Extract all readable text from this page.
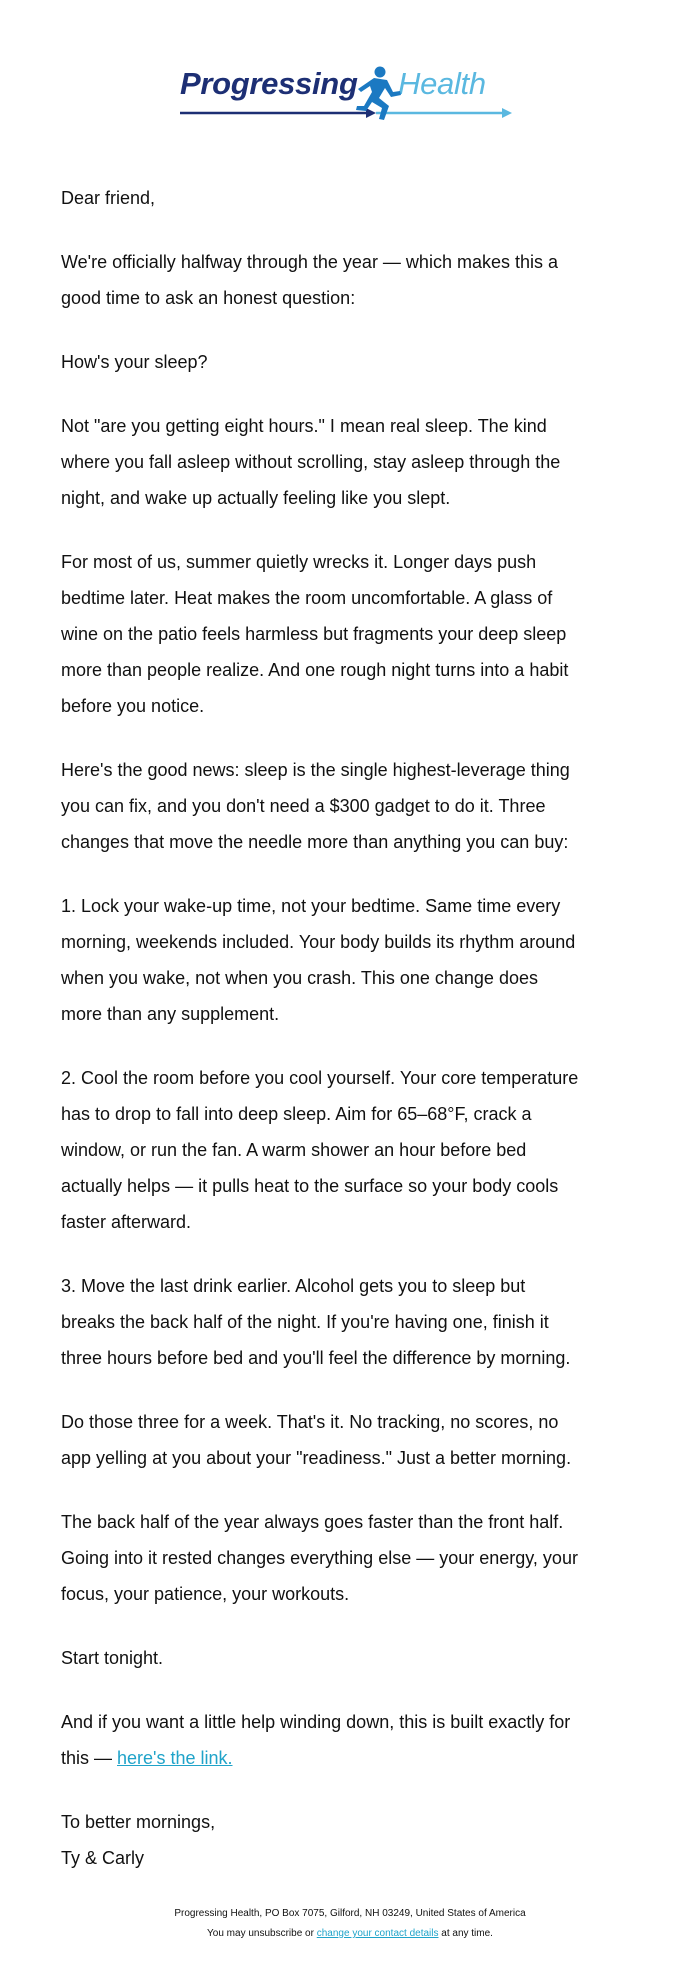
Progressing Health

Dear friend,

We're officially halfway through the year — which makes this a good time to ask an honest question:

How's your sleep?

Not "are you getting eight hours." I mean real sleep. The kind where you fall asleep without scrolling, stay asleep through the night, and wake up actually feeling like you slept.

For most of us, summer quietly wrecks it. Longer days push bedtime later. Heat makes the room uncomfortable. A glass of wine on the patio feels harmless but fragments your deep sleep more than people realize. And one rough night turns into a habit before you notice.

Here's the good news: sleep is the single highest-leverage thing you can fix, and you don't need a $300 gadget to do it. Three changes that move the needle more than anything you can buy:

1. Lock your wake-up time, not your bedtime. Same time every morning, weekends included. Your body builds its rhythm around when you wake, not when you crash. This one change does more than any supplement.

2. Cool the room before you cool yourself. Your core temperature has to drop to fall into deep sleep. Aim for 65–68°F, crack a window, or run the fan. A warm shower an hour before bed actually helps — it pulls heat to the surface so your body cools faster afterward.

3. Move the last drink earlier. Alcohol gets you to sleep but breaks the back half of the night. If you're having one, finish it three hours before bed and you'll feel the difference by morning.

Do those three for a week. That's it. No tracking, no scores, no app yelling at you about your "readiness." Just a better morning.

The back half of the year always goes faster than the front half. Going into it rested changes everything else — your energy, your focus, your patience, your workouts.

Start tonight.

And if you want a little help winding down, this is built exactly for this — here's the link.

To better mornings,
Ty & Carly

Progressing Health, PO Box 7075, Gilford, NH 03249, United States of America
You may unsubscribe or change your contact details at any time.
